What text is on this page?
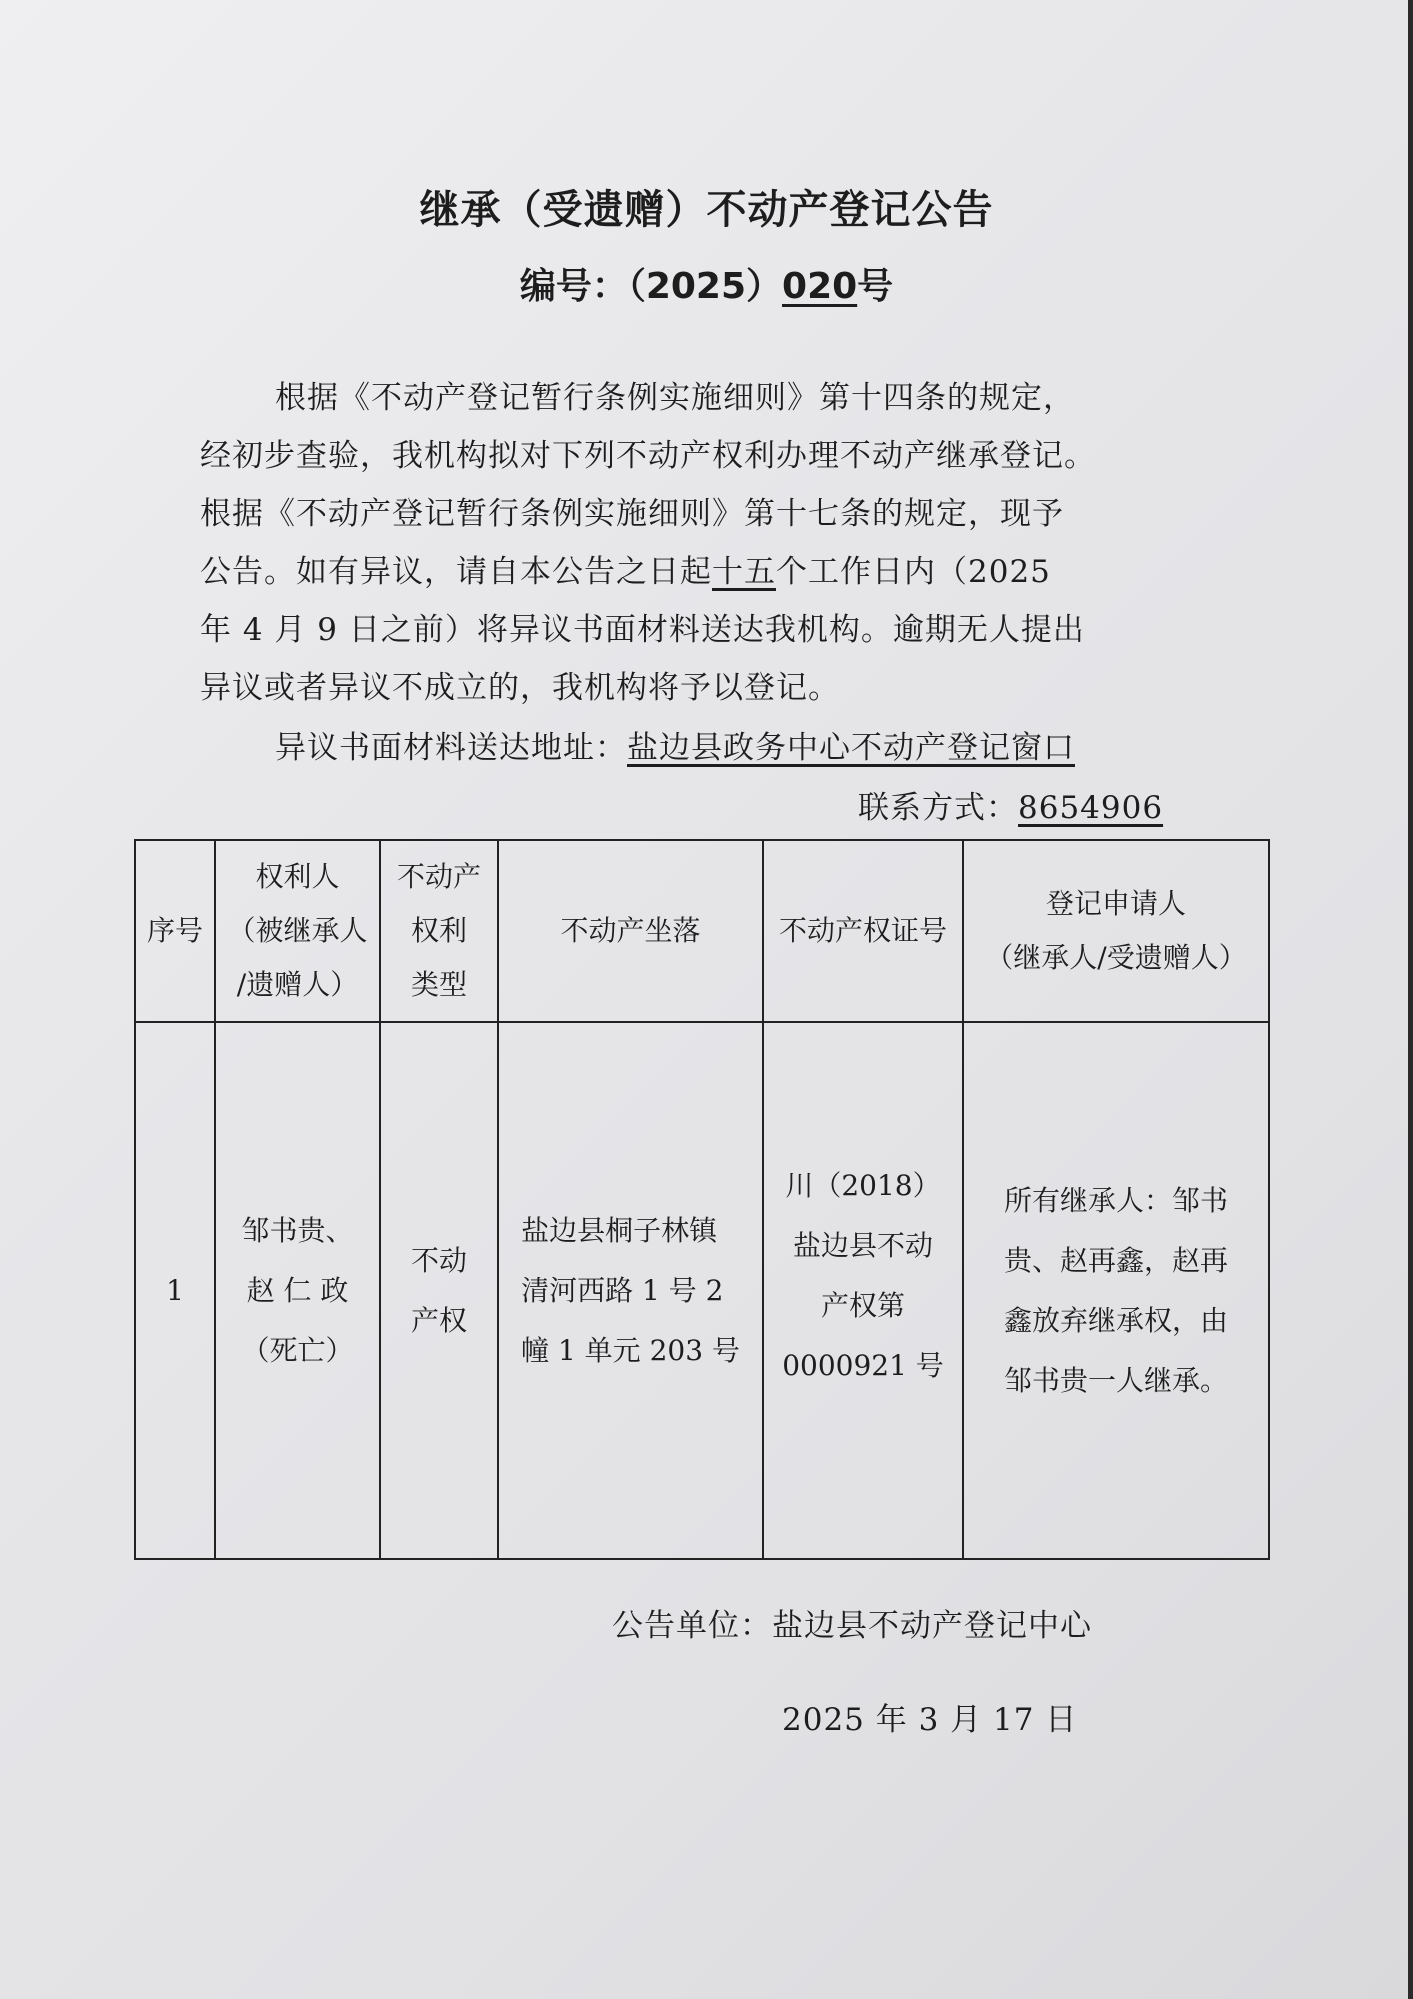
继承（受遗赠）不动产登记公告
编号：（2025）020号
根据《不动产登记暂行条例实施细则》第十四条的规定，
经初步查验，我机构拟对下列不动产权利办理不动产继承登记。
根据《不动产登记暂行条例实施细则》第十七条的规定，现予
公告。如有异议，请自本公告之日起十五个工作日内（2025
年 4 月 9 日之前）将异议书面材料送达我机构。逾期无人提出
异议或者异议不成立的，我机构将予以登记。
异议书面材料送达地址：盐边县政务中心不动产登记窗口
联系方式：8654906
序号	权利人
（被继承人
/遗赠人）	不动产
权利
类型	不动产坐落	不动产权证号	登记申请人
（继承人/受遗赠人）
1	邹书贵、
赵 仁 政
（死亡）	不动
产权	盐边县桐子林镇
清河西路 1 号 2
幢 1 单元 203 号	川（2018）
盐边县不动
产权第
0000921 号	所有继承人：邹书
贵、赵再鑫，赵再
鑫放弃继承权，由
邹书贵一人继承。
公告单位：盐边县不动产登记中心
2025 年 3 月 17 日
